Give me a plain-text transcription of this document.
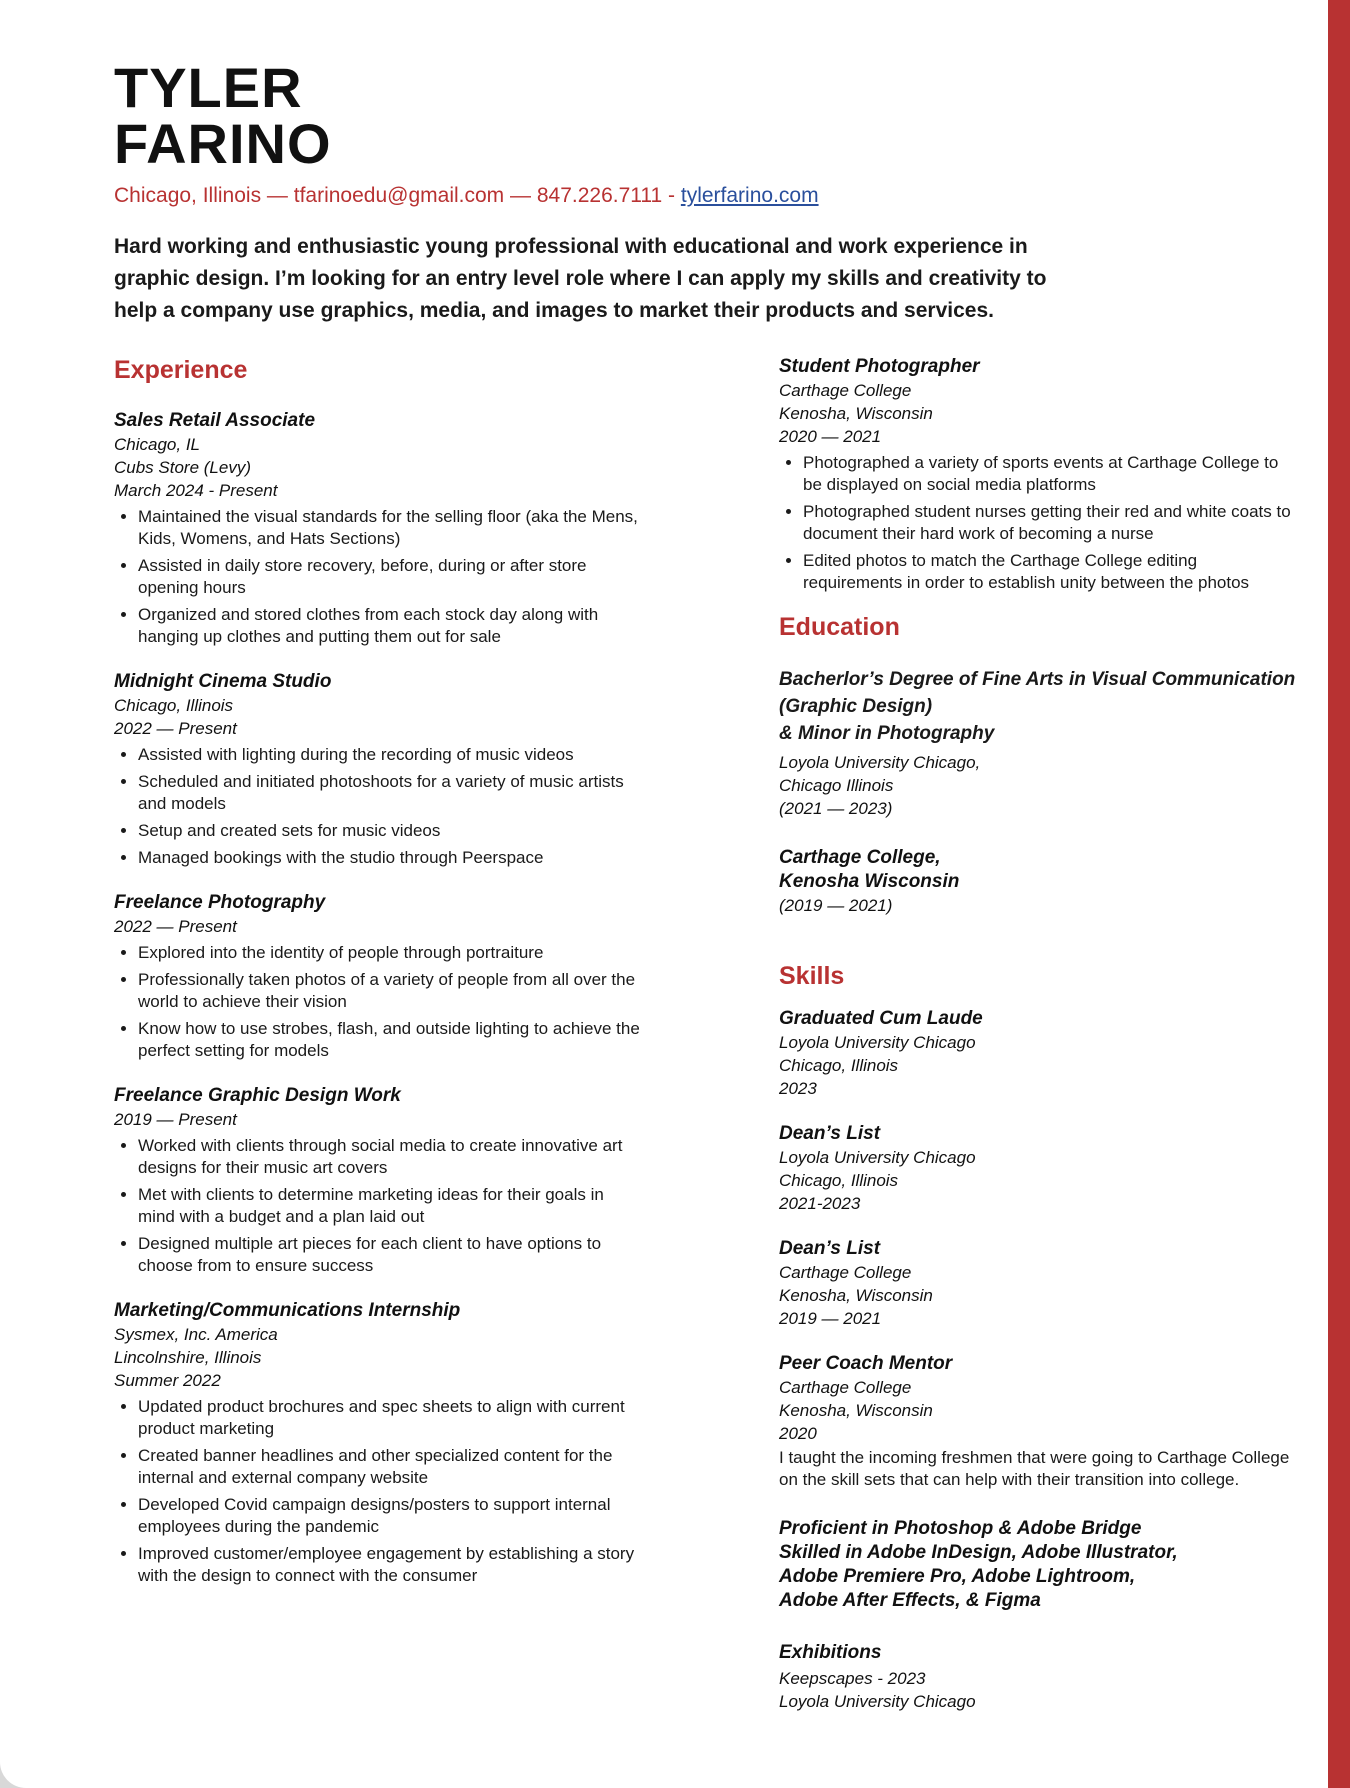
TYLER
FARINO
Chicago, Illinois — tfarinoedu@gmail.com — 847.226.7111 - tylerfarino.com
Hard working and enthusiastic young professional with educational and work experience in graphic design. I’m looking for an entry level role where I can apply my skills and creativity to help a company use graphics, media, and images to market their products and services.
Experience
Sales Retail Associate
Chicago, IL
Cubs Store (Levy)
March 2024 - Present
• Maintained the visual standards for the selling floor (aka the Mens, Kids, Womens, and Hats Sections)
• Assisted in daily store recovery, before, during or after store opening hours
• Organized and stored clothes from each stock day along with hanging up clothes and putting them out for sale
Midnight Cinema Studio
Chicago, Illinois
2022 — Present
• Assisted with lighting during the recording of music videos
• Scheduled and initiated photoshoots for a variety of music artists and models
• Setup and created sets for music videos
• Managed bookings with the studio through Peerspace
Freelance Photography
2022 — Present
• Explored into the identity of people through portraiture
• Professionally taken photos of a variety of people from all over the world to achieve their vision
• Know how to use strobes, flash, and outside lighting to achieve the perfect setting for models
Freelance Graphic Design Work
2019 — Present
• Worked with clients through social media to create innovative art designs for their music art covers
• Met with clients to determine marketing ideas for their goals in mind with a budget and a plan laid out
• Designed multiple art pieces for each client to have options to choose from to ensure success
Marketing/Communications Internship
Sysmex, Inc. America
Lincolnshire, Illinois
Summer 2022
• Updated product brochures and spec sheets to align with current product marketing
• Created banner headlines and other specialized content for the internal and external company website
• Developed Covid campaign designs/posters to support internal employees during the pandemic
• Improved customer/employee engagement by establishing a story with the design to connect with the consumer
Student Photographer
Carthage College
Kenosha, Wisconsin
2020 — 2021
• Photographed a variety of sports events at Carthage College to be displayed on social media platforms
• Photographed student nurses getting their red and white coats to document their hard work of becoming a nurse
• Edited photos to match the Carthage College editing requirements in order to establish unity between the photos
Education
Bacherlor’s Degree of Fine Arts in Visual Communication (Graphic Design)
& Minor in Photography
Loyola University Chicago,
Chicago Illinois
(2021 — 2023)
Carthage College,
Kenosha Wisconsin
(2019 — 2021)
Skills
Graduated Cum Laude
Loyola University Chicago
Chicago, Illinois
2023
Dean’s List
Loyola University Chicago
Chicago, Illinois
2021-2023
Dean’s List
Carthage College
Kenosha, Wisconsin
2019 — 2021
Peer Coach Mentor
Carthage College
Kenosha, Wisconsin
2020
I taught the incoming freshmen that were going to Carthage College on the skill sets that can help with their transition into college.
Proficient in Photoshop & Adobe Bridge
Skilled in Adobe InDesign, Adobe Illustrator,
Adobe Premiere Pro, Adobe Lightroom,
Adobe After Effects, & Figma
Exhibitions
Keepscapes - 2023
Loyola University Chicago
